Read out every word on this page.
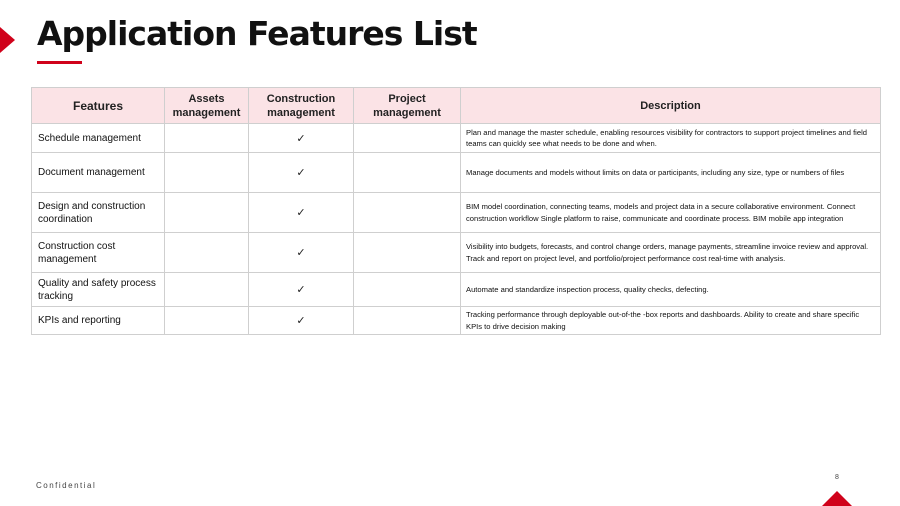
Application Features List
Features	Assets management	Construction management	Project management	Description
Schedule management		✓		Plan and manage the master schedule, enabling resources visibility for contractors to support project timelines and field teams can quickly see what needs to be done and when.
Document management		✓		Manage documents and models without limits on data or participants, including any size, type or numbers of files
Design and construction coordination		✓		BIM model coordination, connecting teams, models and project data in a secure collaborative environment. Connect construction workflow Single platform to raise, communicate and coordinate process. BIM mobile app integration
Construction cost management		✓		Visibility into budgets, forecasts, and control change orders, manage payments, streamline invoice review and approval. Track and report on project level, and portfolio/project performance cost real-time with analysis.
Quality and safety process tracking		✓		Automate and standardize inspection process, quality checks, defecting.
KPIs and reporting		✓		Tracking performance through deployable out-of-the -box reports and dashboards. Ability to create and share specific KPIs to drive decision making
Confidential
8
